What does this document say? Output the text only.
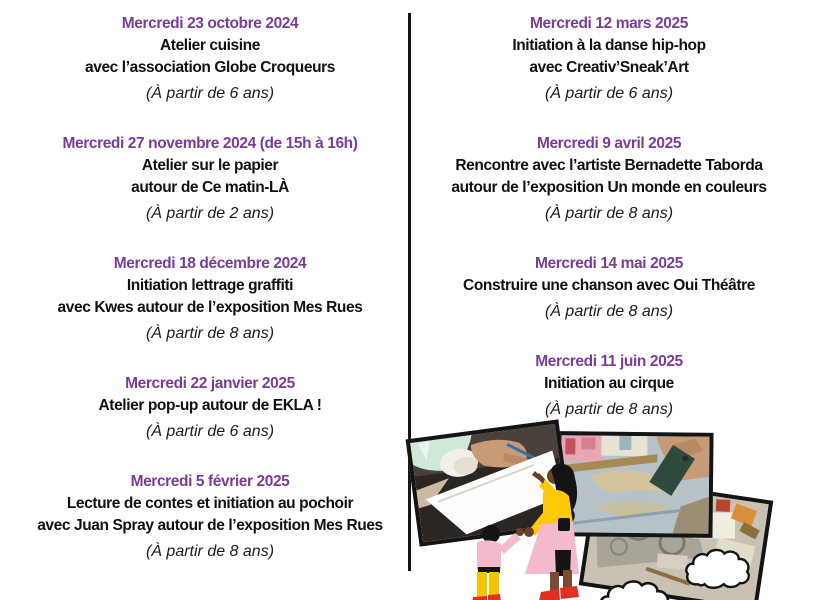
Mercredi 23 octobre 2024
Atelier cuisine
avec l’association Globe Croqueurs
(À partir de 6 ans)
Mercredi 27 novembre 2024 (de 15h à 16h)
Atelier sur le papier
autour de Ce matin-LÀ
(À partir de 2 ans)
Mercredi 18 décembre 2024
Initiation lettrage graffiti
avec Kwes autour de l’exposition Mes Rues
(À partir de 8 ans)
Mercredi 22 janvier 2025
Atelier pop-up autour de EKLA !
(À partir de 6 ans)
Mercredi 5 février 2025
Lecture de contes et initiation au pochoir
avec Juan Spray autour de l’exposition Mes Rues
(À partir de 8 ans)
Mercredi 12 mars 2025
Initiation à la danse hip-hop
avec Creativ’Sneak’Art
(À partir de 6 ans)
Mercredi 9 avril 2025
Rencontre avec l’artiste Bernadette Taborda
autour de l’exposition Un monde en couleurs
(À partir de 8 ans)
Mercredi 14 mai 2025
Construire une chanson avec Oui Théâtre
(À partir de 8 ans)
Mercredi 11 juin 2025
Initiation au cirque
(À partir de 8 ans)
